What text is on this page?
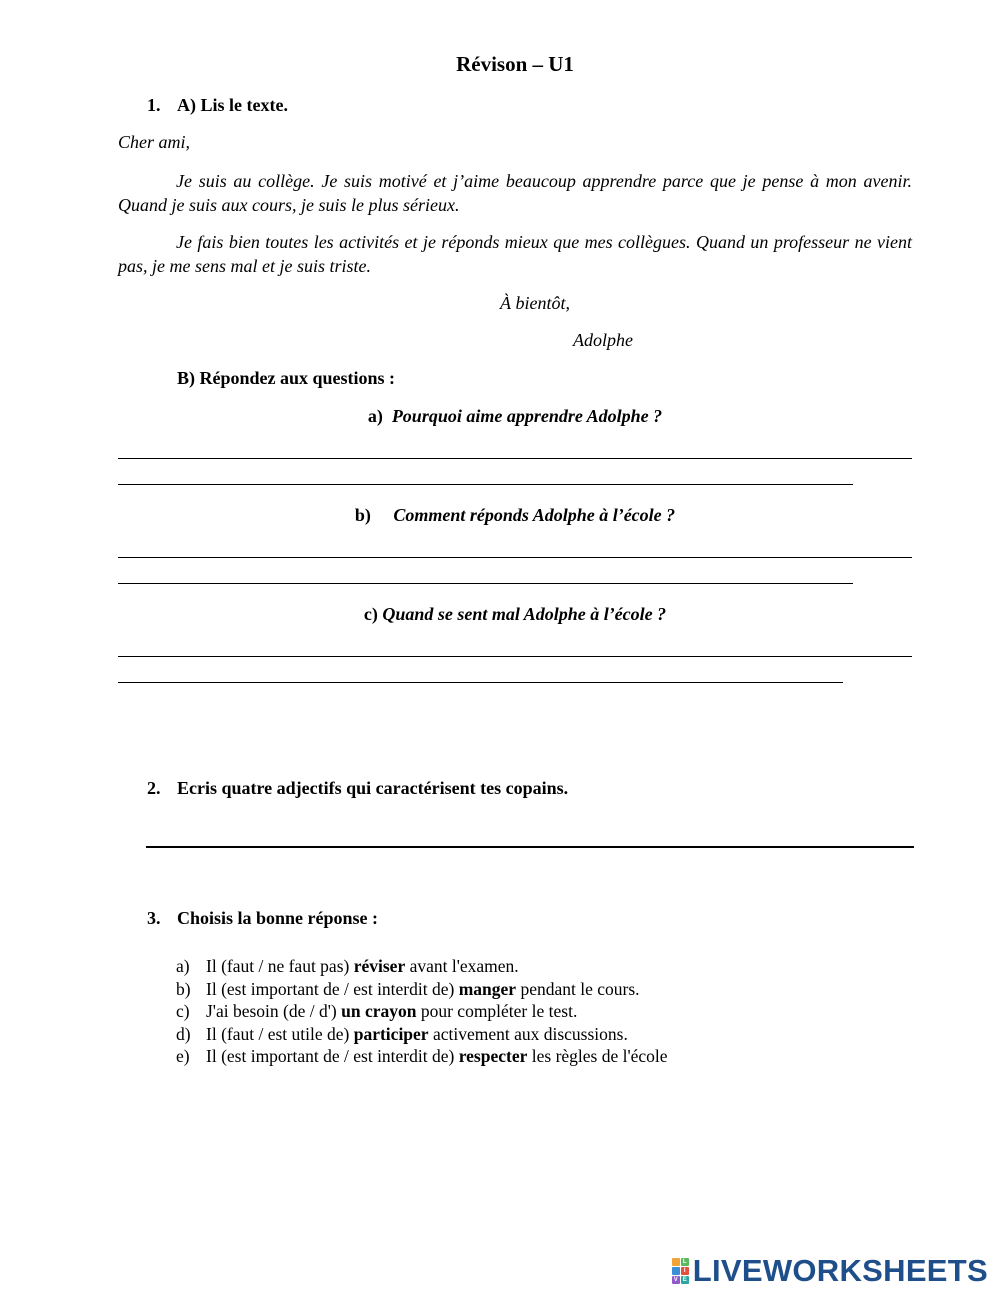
Révison – U1
1. A) Lis le texte.
Cher ami,
Je suis au collège. Je suis motivé et j’aime beaucoup apprendre parce que je pense à mon avenir. Quand je suis aux cours, je suis le plus sérieux.
Je fais bien toutes les activités et je réponds mieux que mes collègues. Quand un professeur ne vient pas, je me sens mal et je suis triste.
À bientôt,
Adolphe
B) Répondez aux questions :
a) Pourquoi aime apprendre Adolphe ?
b) Comment réponds Adolphe à l’école ?
c) Quand se sent mal Adolphe à l’école ?
2. Ecris quatre adjectifs qui caractérisent tes copains.
3. Choisis la bonne réponse :
a) Il (faut / ne faut pas) réviser avant l'examen.
b) Il (est important de / est interdit de) manger pendant le cours.
c) J'ai besoin (de / d') un crayon pour compléter le test.
d) Il (faut / est utile de) participer activement aux discussions.
e) Il (est important de / est interdit de) respecter les règles de l'école
L
I
V E LIVEWORKSHEETS
